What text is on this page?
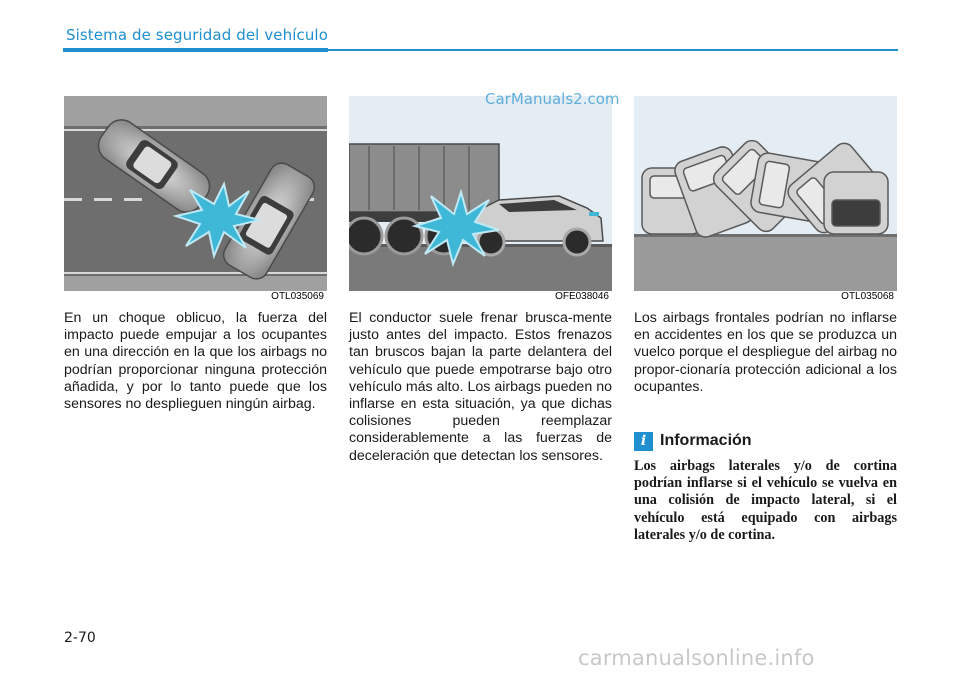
Sistema de seguridad del vehículo
OTL035069	OFE038046	OTL035068
CarManuals2.com
En un choque oblicuo, la fuerza del impacto puede empujar a los ocupantes en una dirección en la que los airbags no podrían proporcionar ninguna protección añadida, y por lo tanto puede que los sensores no desplieguen ningún airbag.
El conductor suele frenar brusca-mente justo antes del impacto. Estos frenazos tan bruscos bajan la parte delantera del vehículo que puede empotrarse bajo otro vehículo más alto. Los airbags pueden no inflarse en esta situación, ya que dichas colisiones pueden reemplazar considerablemente a las fuerzas de deceleración que detectan los sensores.
Los airbags frontales podrían no inflarse en accidentes en los que se produzca un vuelco porque el despliegue del airbag no propor-cionaría protección adicional a los ocupantes.
i Información
Los airbags laterales y/o de cortina podrían inflarse si el vehículo se vuelva en una colisión de impacto lateral, si el vehículo está equipado con airbags laterales y/o de cortina.
2-70
carmanualsonline.info
